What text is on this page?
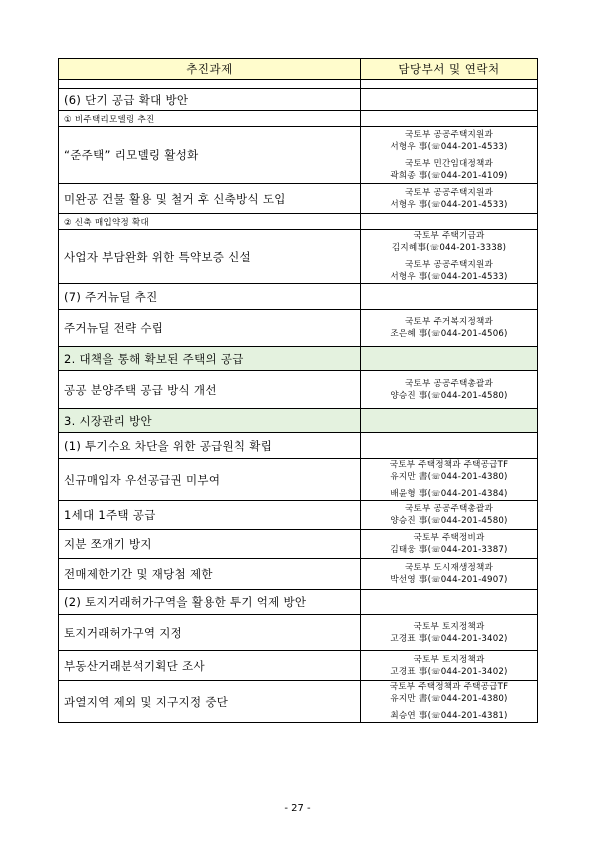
추진과제	담당부서 및 연락처

(6) 단기 공급 확대 방안	
① 비주택리모델링 추진	
“준주택” 리모델링 활성화	국토부 공공주택지원과
서형우 事(☏044-201-4533)
국토부 민간임대정책과
곽희종 事(☏044-201-4109)

미완공 건물 활용 및 철거 후 신축방식 도입	국토부 공공주택지원과
서형우 事(☏044-201-4533)

② 신축 매입약정 확대	
사업자 부담완화 위한 특약보증 신설	국토부 주택기금과
김지혜事(☏044-201-3338)
국토부 공공주택지원과
서형우 事(☏044-201-4533)

(7) 주거뉴딜 추진	
주거뉴딜 전략 수립	국토부 주거복지정책과
조은혜 事(☏044-201-4506)

2. 대책을 통해 확보된 주택의 공급	
공공 분양주택 공급 방식 개선	국토부 공공주택총괄과
양승진 事(☏044-201-4580)

3. 시장관리 방안	
(1) 투기수요 차단을 위한 공급원칙 확립	
신규매입자 우선공급권 미부여	국토부 주택정책과 주택공급TF
유지만 書(☏044-201-4380)
배윤형 事(☏044-201-4384)

1세대 1주택 공급	국토부 공공주택총괄과
양승진 事(☏044-201-4580)

지분 쪼개기 방지	국토부 주택정비과
김태웅 事(☏044-201-3387)

전매제한기간 및 재당첨 제한	국토부 도시재생정책과
박선영 事(☏044-201-4907)

(2) 토지거래허가구역을 활용한 투기 억제 방안	
토지거래허가구역 지정	국토부 토지정책과
고경표 事(☏044-201-3402)

부동산거래분석기획단 조사	국토부 토지정책과
고경표 事(☏044-201-3402)

과열지역 제외 및 지구지정 중단	국토부 주택정책과 주택공급TF
유지만 書(☏044-201-4380)
최승연 事(☏044-201-4381)
- 27 -
